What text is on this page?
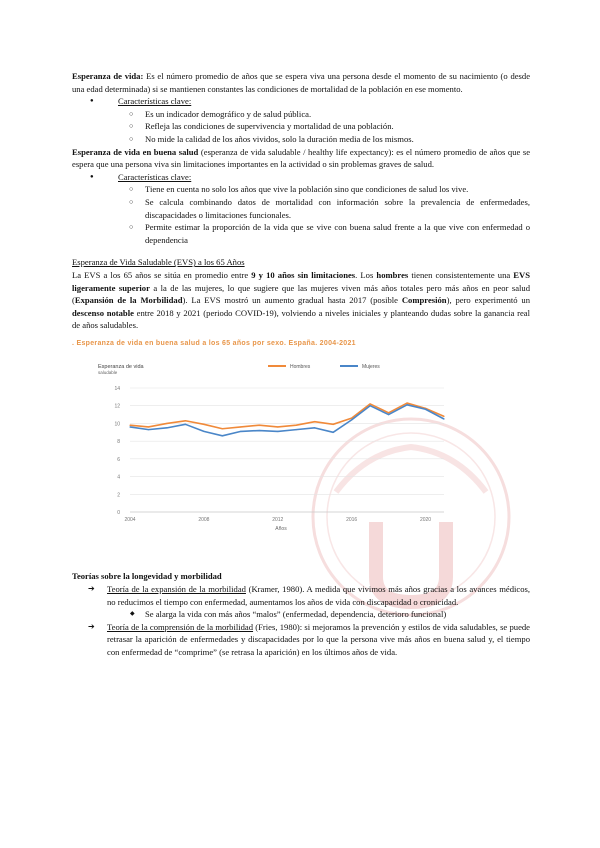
Esperanza de vida: Es el número promedio de años que se espera viva una persona desde el momento de su nacimiento (o desde una edad determinada) si se mantienen constantes las condiciones de mortalidad de la población en ese momento.

● Características clave:
○ Es un indicador demográfico y de salud pública.
○ Refleja las condiciones de supervivencia y mortalidad de una población.
○ No mide la calidad de los años vividos, solo la duración media de los mismos.

Esperanza de vida en buena salud (esperanza de vida saludable / healthy life expectancy): es el número promedio de años que se espera que una persona viva sin limitaciones importantes en la actividad o sin problemas graves de salud.

● Características clave:
○ Tiene en cuenta no solo los años que vive la población sino que condiciones de salud los vive.
○ Se calcula combinando datos de mortalidad con información sobre la prevalencia de enfermedades, discapacidades o limitaciones funcionales.
○ Permite estimar la proporción de la vida que se vive con buena salud frente a la que vive con enfermedad o dependencia

Esperanza de Vida Saludable (EVS) a los 65 Años

La EVS a los 65 años se sitúa en promedio entre 9 y 10 años sin limitaciones. Los hombres tienen consistentemente una EVS ligeramente superior a la de las mujeres, lo que sugiere que las mujeres viven más años totales pero más años en peor salud (Expansión de la Morbilidad). La EVS mostró un aumento gradual hasta 2017 (posible Compresión), pero experimentó un descenso notable entre 2018 y 2021 (periodo COVID-19), volviendo a niveles iniciales y planteando dudas sobre la ganancia real de años saludables.

. Esperanza de vida en buena salud a los 65 años por sexo. España. 2004-2021
0
2
4
6
8
10
12
14
2004	2008	2012	2016	2020
Esperanza de vida
saludable
Años
Hombres	Mujeres

Teorías sobre la longevidad y morbilidad

➔ Teoría de la expansión de la morbilidad (Kramer, 1980). A medida que vivimos más años gracias a los avances médicos, no reducimos el tiempo con enfermedad, aumentamos los años de vida con discapacidad o cronicidad.
◆ Se alarga la vida con más años “malos” (enfermedad, dependencia, deterioro funcional)
➔ Teoría de la comprensión de la morbilidad (Fries, 1980): si mejoramos la prevención y estilos de vida saludables, se puede retrasar la aparición de enfermedades y discapacidades por lo que la persona vive más años en buena salud y, el tiempo con enfermedad de “comprime” (se retrasa la aparición) en los últimos años de vida.
